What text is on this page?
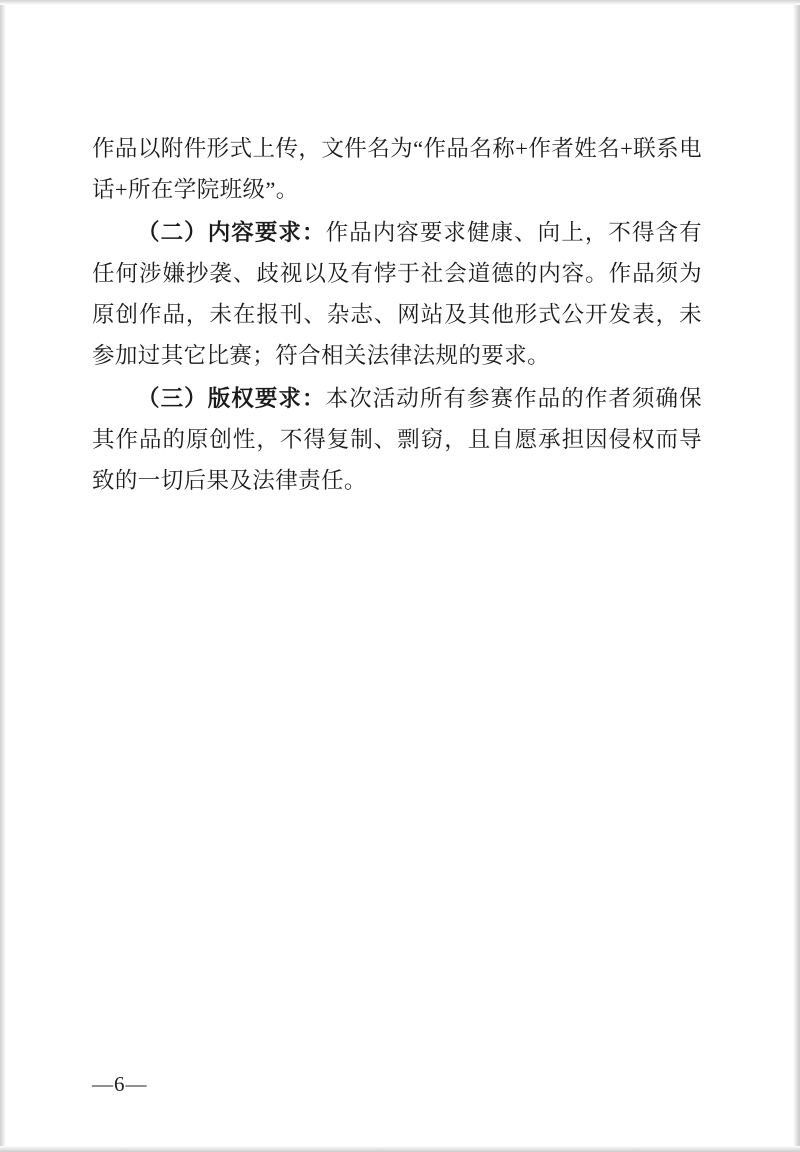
作品以附件形式上传，文件名为“作品名称+作者姓名+联系电话+所在学院班级”。

（二）内容要求：作品内容要求健康、向上，不得含有任何涉嫌抄袭、歧视以及有悖于社会道德的内容。作品须为原创作品，未在报刊、杂志、网站及其他形式公开发表，未参加过其它比赛；符合相关法律法规的要求。

（三）版权要求：本次活动所有参赛作品的作者须确保其作品的原创性，不得复制、剽窃，且自愿承担因侵权而导致的一切后果及法律责任。

—6—
